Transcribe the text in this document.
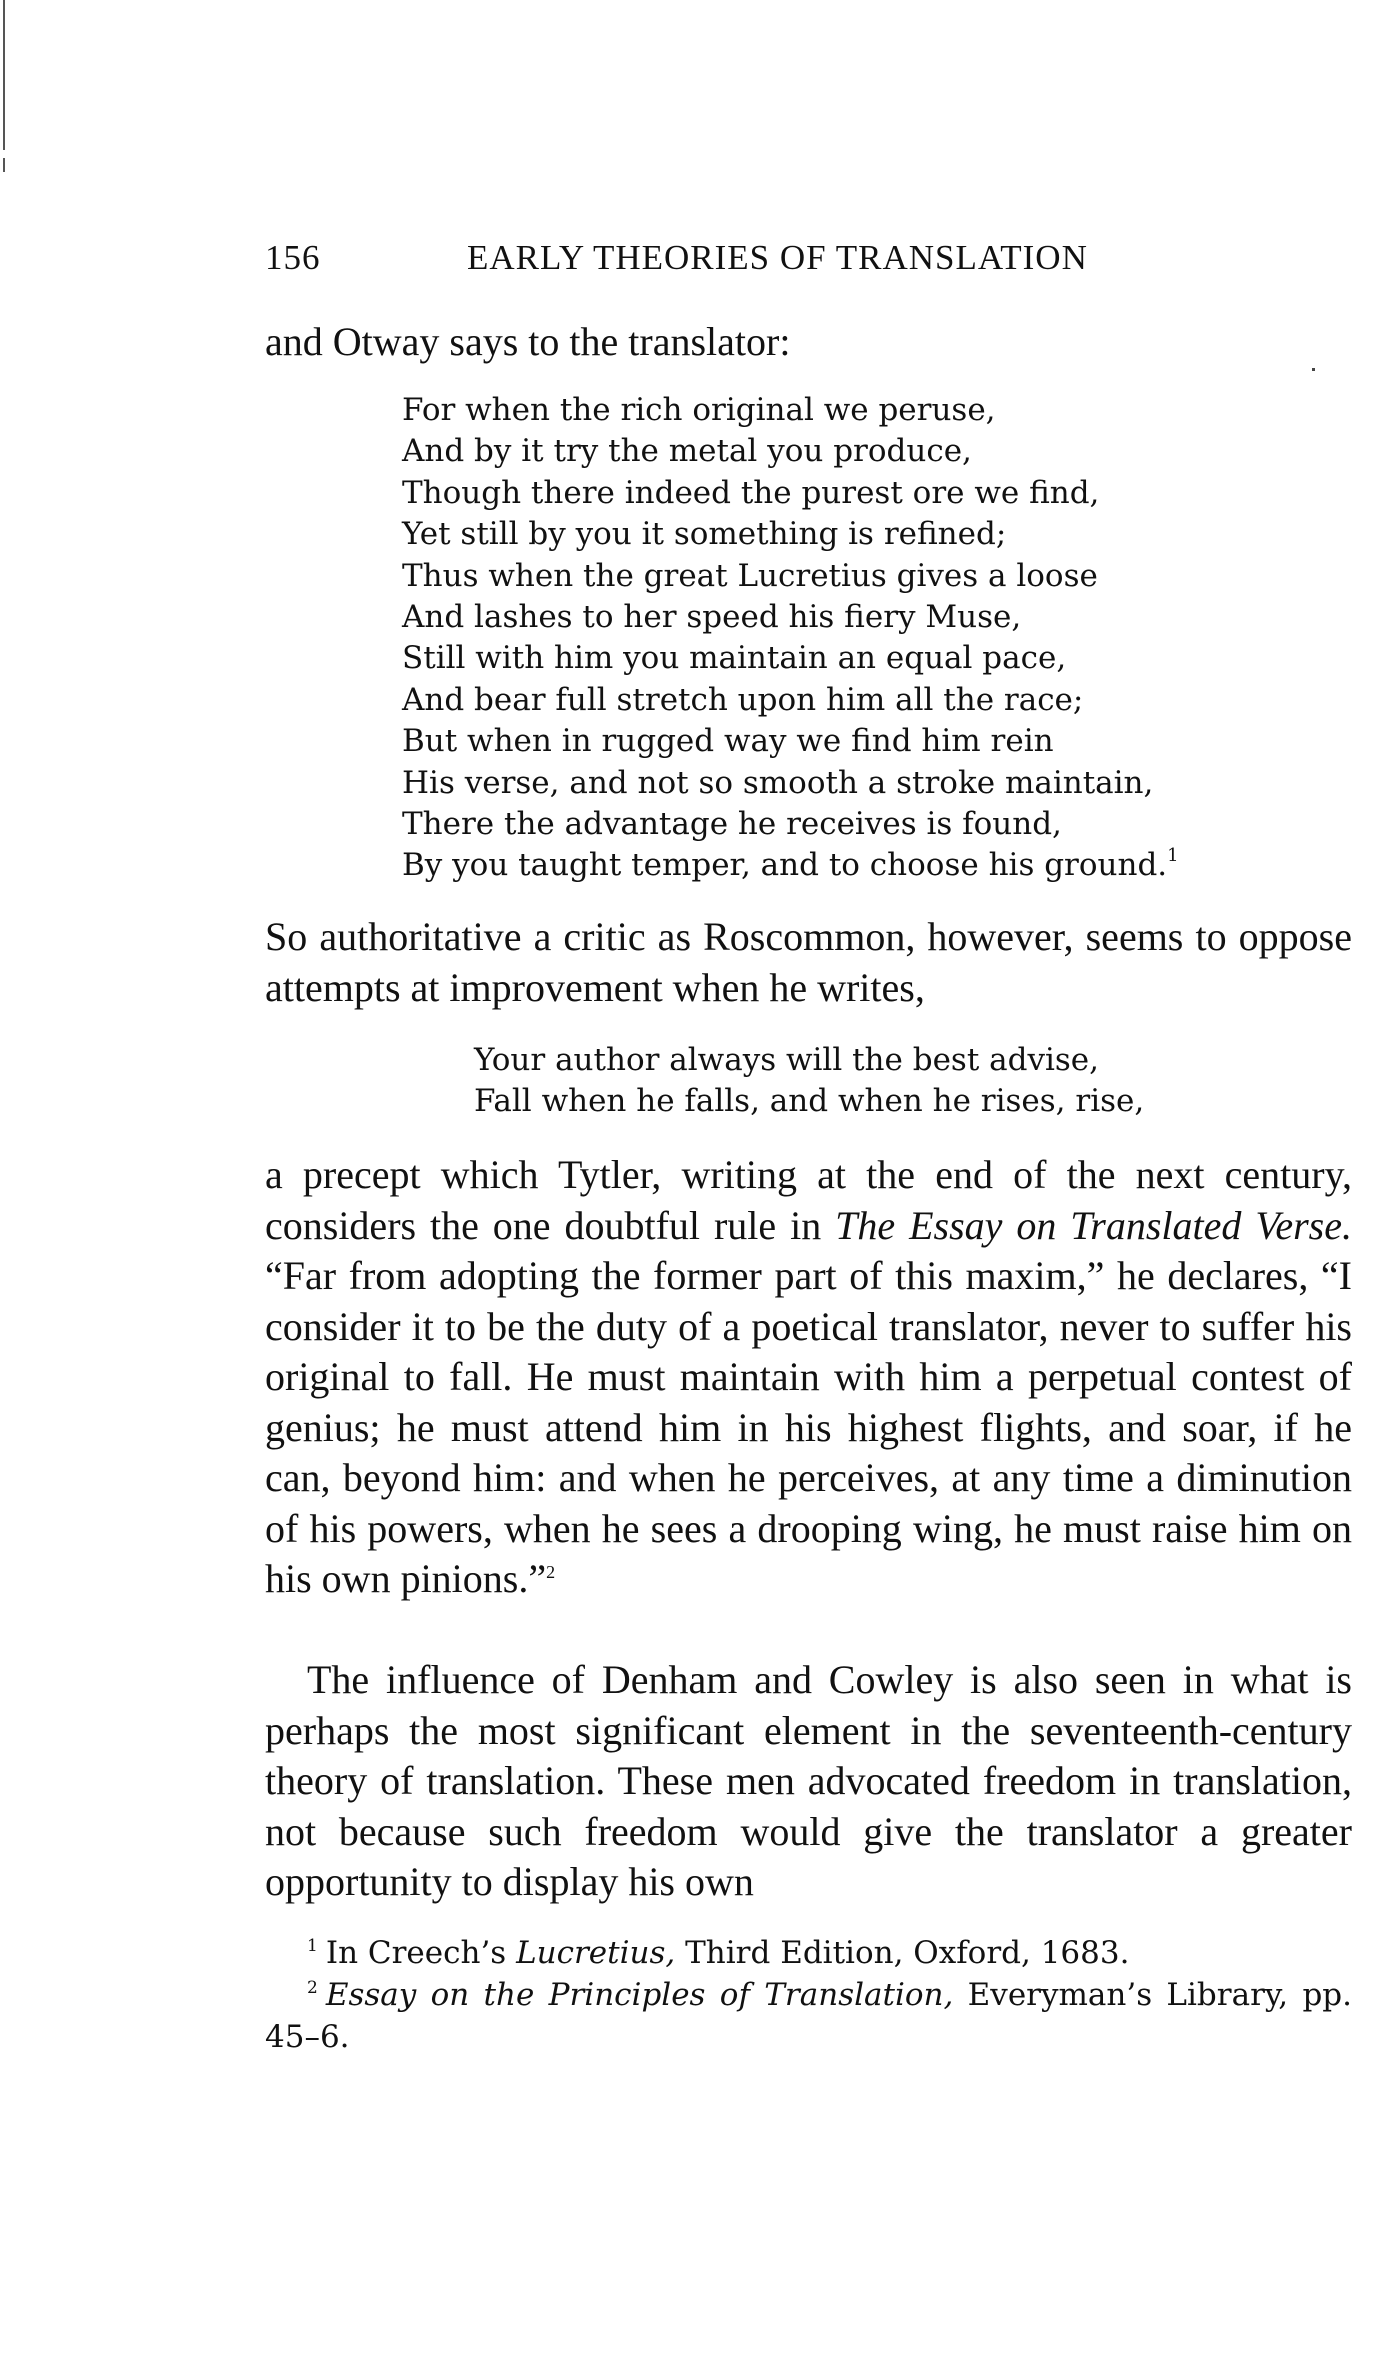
156	EARLY THEORIES OF TRANSLATION
and Otway says to the translator:
For when the rich original we peruse,
And by it try the metal you produce,
Though there indeed the purest ore we find,
Yet still by you it something is refined;
Thus when the great Lucretius gives a loose
And lashes to her speed his fiery Muse,
Still with him you maintain an equal pace,
And bear full stretch upon him all the race;
But when in rugged way we find him rein
His verse, and not so smooth a stroke maintain,
There the advantage he receives is found,
By you taught temper, and to choose his ground.$^1$

So authoritative a critic as Roscommon, however, seems to oppose attempts at improvement when he writes,

Your author always will the best advise,
Fall when he falls, and when he rises, rise,

a precept which Tytler, writing at the end of the next century, considers the one doubtful rule in The Essay on Translated Verse. “Far from adopting the former part of this maxim,” he declares, “I consider it to be the duty of a poetical translator, never to suffer his original to fall. He must maintain with him a perpetual contest of genius; he must attend him in his highest flights, and soar, if he can, beyond him: and when he perceives, at any time a diminution of his powers, when he sees a drooping wing, he must raise him on his own pinions.”$^2$

The influence of Denham and Cowley is also seen in what is perhaps the most significant element in the seventeenth-century theory of translation. These men advocated freedom in translation, not because such freedom would give the translator a greater opportunity to display his own

$^1$ In Creech’s Lucretius, Third Edition, Oxford, 1683.

$^2$ Essay on the Principles of Translation, Everyman’s Library, pp. 45–6.
